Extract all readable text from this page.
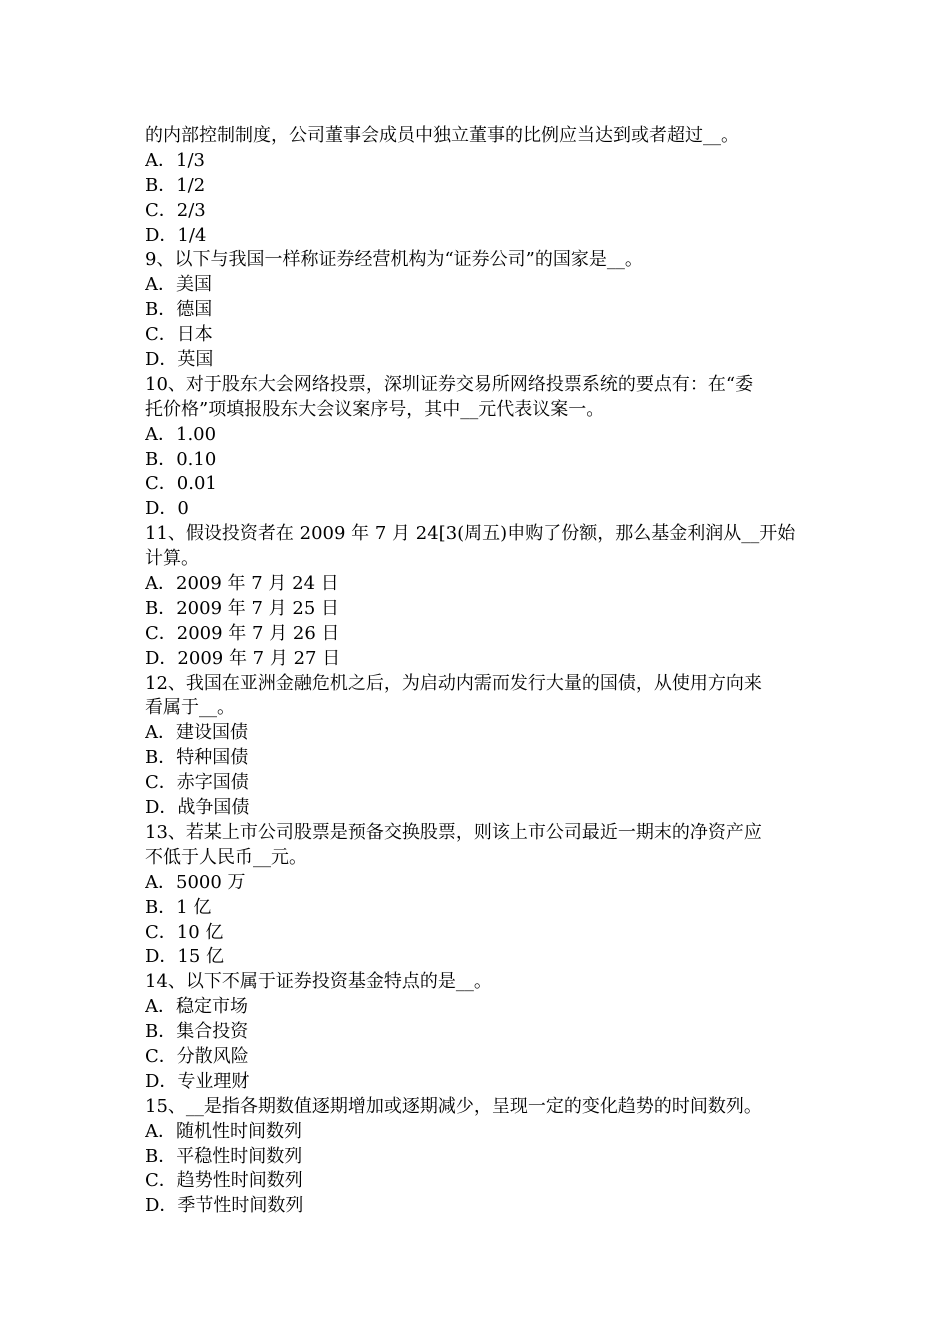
的内部控制制度，公司董事会成员中独立董事的比例应当达到或者超过__。
A．1/3
B．1/2
C．2/3
D．1/4
9、以下与我国一样称证券经营机构为“证券公司”的国家是__。
A．美国
B．德国
C．日本
D．英国
10、对于股东大会网络投票，深圳证券交易所网络投票系统的要点有：在“委
托价格”项填报股东大会议案序号，其中__元代表议案一。
A．1.00
B．0.10
C．0.01
D．0
11、假设投资者在 2009 年 7 月 24[3(周五)申购了份额，那么基金利润从__开始
计算。
A．2009 年 7 月 24 日
B．2009 年 7 月 25 日
C．2009 年 7 月 26 日
D．2009 年 7 月 27 日
12、我国在亚洲金融危机之后，为启动内需而发行大量的国债，从使用方向来
看属于__。
A．建设国债
B．特种国债
C．赤字国债
D．战争国债
13、若某上市公司股票是预备交换股票，则该上市公司最近一期末的净资产应
不低于人民币__元。
A．5000 万
B．1 亿
C．10 亿
D．15 亿
14、以下不属于证券投资基金特点的是__。
A．稳定市场
B．集合投资
C．分散风险
D．专业理财
15、__是指各期数值逐期增加或逐期减少，呈现一定的变化趋势的时间数列。
A．随机性时间数列
B．平稳性时间数列
C．趋势性时间数列
D．季节性时间数列
